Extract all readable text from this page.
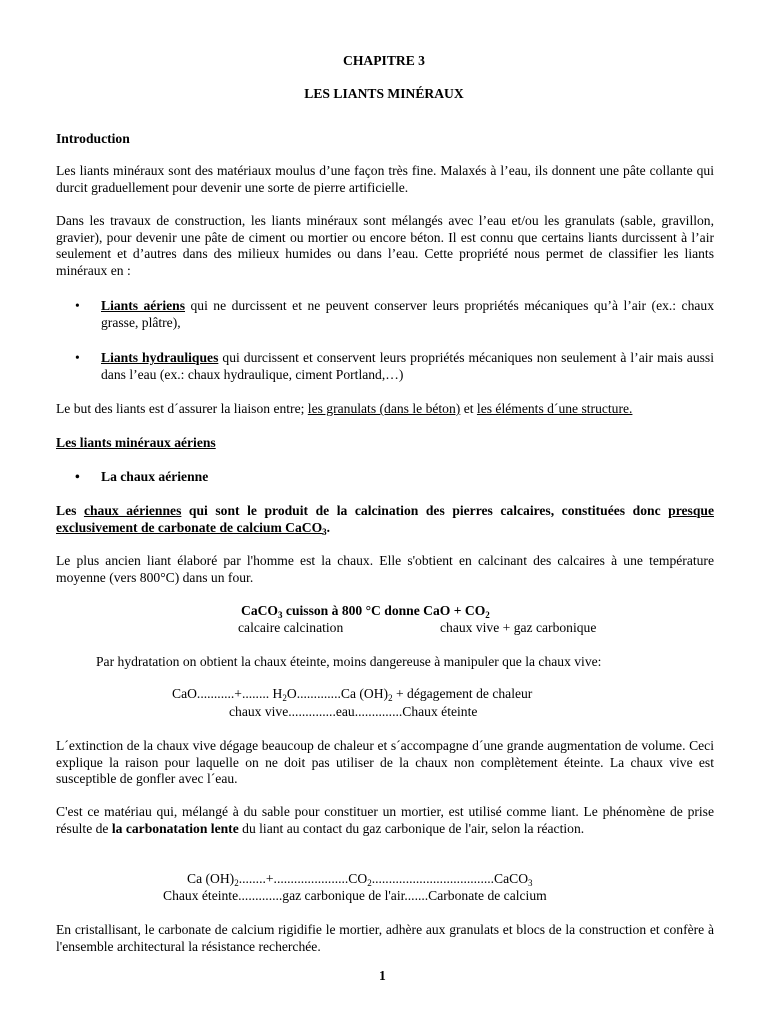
CHAPITRE 3
LES LIANTS MINÉRAUX
Introduction
Les liants minéraux sont des matériaux moulus d’une façon très fine. Malaxés à l’eau, ils donnent une pâte collante qui durcit graduellement pour devenir une sorte de pierre artificielle.
Dans les travaux de construction, les liants minéraux sont mélangés avec l’eau et/ou les granulats (sable, gravillon, gravier), pour devenir une pâte de ciment ou mortier ou encore béton. Il est connu que certains liants durcissent à l’air seulement et d’autres dans des milieux humides ou dans l’eau. Cette propriété nous permet de classifier les liants minéraux en :
• Liants aériens qui ne durcissent et ne peuvent conserver leurs propriétés mécaniques qu’à l’air (ex.: chaux grasse, plâtre),
• Liants hydrauliques qui durcissent et conservent leurs propriétés mécaniques non seulement à l’air mais aussi dans l’eau (ex.: chaux hydraulique, ciment Portland,…)
Le but des liants est d´assurer la liaison entre; les granulats (dans le béton) et les éléments d´une structure.
Les liants minéraux aériens
• La chaux aérienne
Les chaux aériennes qui sont le produit de la calcination des pierres calcaires, constituées donc presque exclusivement de carbonate de calcium CaCO$_3$.
Le plus ancien liant élaboré par l'homme est la chaux. Elle s'obtient en calcinant des calcaires à une température moyenne (vers 800°C) dans un four.
CaCO$_3$ cuisson à 800 °C donne CaO + $CO_2$
calcaire calcination	chaux vive + gaz carbonique
Par hydratation on obtient la chaux éteinte, moins dangereuse à manipuler que la chaux vive:
CaO...........+........ $H_2O.............Ca$ $(OH)_2$ + dégagement de chaleur
chaux vive..............eau..............Chaux éteinte
L´extinction de la chaux vive dégage beaucoup de chaleur et s´accompagne d´une grande augmentation de volume. Ceci explique la raison pour laquelle on ne doit pas utiliser de la chaux non complètement éteinte. La chaux vive est susceptible de gonfler avec l´eau.
C'est ce matériau qui, mélangé à du sable pour constituer un mortier, est utilisé comme liant. Le phénomène de prise résulte de la carbonatation lente du liant au contact du gaz carbonique de l'air, selon la réaction.
Ca $(OH)_2........+......................CO_2....................................CaCO_3$
Chaux éteinte.............gaz carbonique de l'air.......Carbonate de calcium
En cristallisant, le carbonate de calcium rigidifie le mortier, adhère aux granulats et blocs de la construction et confère à l'ensemble architectural la résistance recherchée.
1
